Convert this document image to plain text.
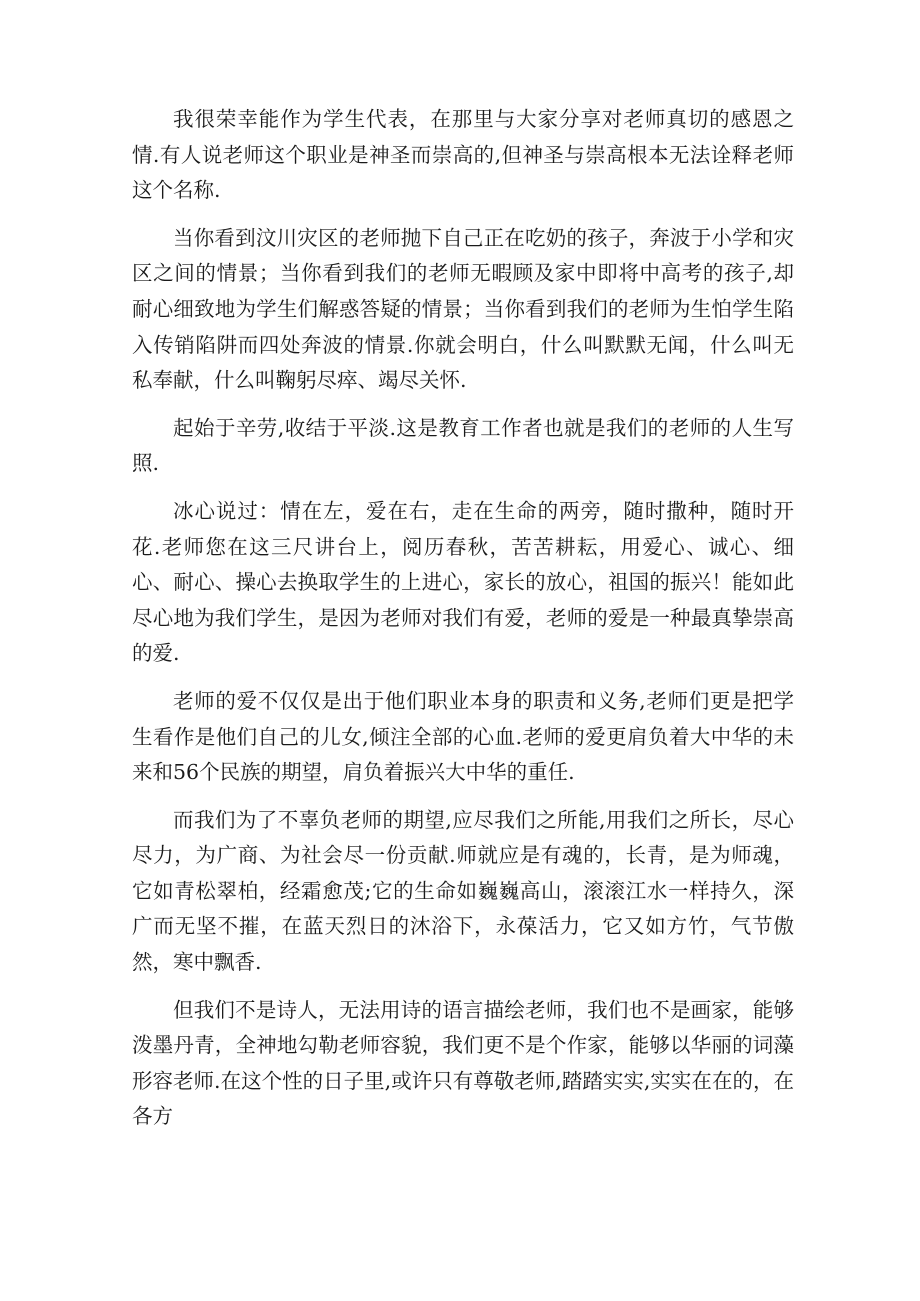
我很荣幸能作为学生代表，在那里与大家分享对老师真切的感恩之情.有人说老师这个职业是神圣而崇高的,但神圣与崇高根本无法诠释老师这个名称.

当你看到汶川灾区的老师抛下自己正在吃奶的孩子，奔波于小学和灾区之间的情景；当你看到我们的老师无暇顾及家中即将中高考的孩子,却耐心细致地为学生们解惑答疑的情景；当你看到我们的老师为生怕学生陷入传销陷阱而四处奔波的情景.你就会明白，什么叫默默无闻，什么叫无私奉献，什么叫鞠躬尽瘁、竭尽关怀.

起始于辛劳,收结于平淡.这是教育工作者也就是我们的老师的人生写照.

冰心说过：情在左，爱在右，走在生命的两旁，随时撒种，随时开花.老师您在这三尺讲台上，阅历春秋，苦苦耕耘，用爱心、诚心、细心、耐心、操心去换取学生的上进心，家长的放心，祖国的振兴！能如此尽心地为我们学生，是因为老师对我们有爱，老师的爱是一种最真挚崇高的爱.

老师的爱不仅仅是出于他们职业本身的职责和义务,老师们更是把学生看作是他们自己的儿女,倾注全部的心血.老师的爱更肩负着大中华的未来和56个民族的期望，肩负着振兴大中华的重任.

而我们为了不辜负老师的期望,应尽我们之所能,用我们之所长，尽心尽力，为广商、为社会尽一份贡献.师就应是有魂的，长青，是为师魂，它如青松翠柏，经霜愈茂;它的生命如巍巍高山，滚滚江水一样持久，深广而无坚不摧，在蓝天烈日的沐浴下，永葆活力，它又如方竹，气节傲然，寒中飘香.

但我们不是诗人，无法用诗的语言描绘老师，我们也不是画家，能够泼墨丹青，全神地勾勒老师容貌，我们更不是个作家，能够以华丽的词藻形容老师.在这个性的日子里,或许只有尊敬老师,踏踏实实,实实在在的，在各方
